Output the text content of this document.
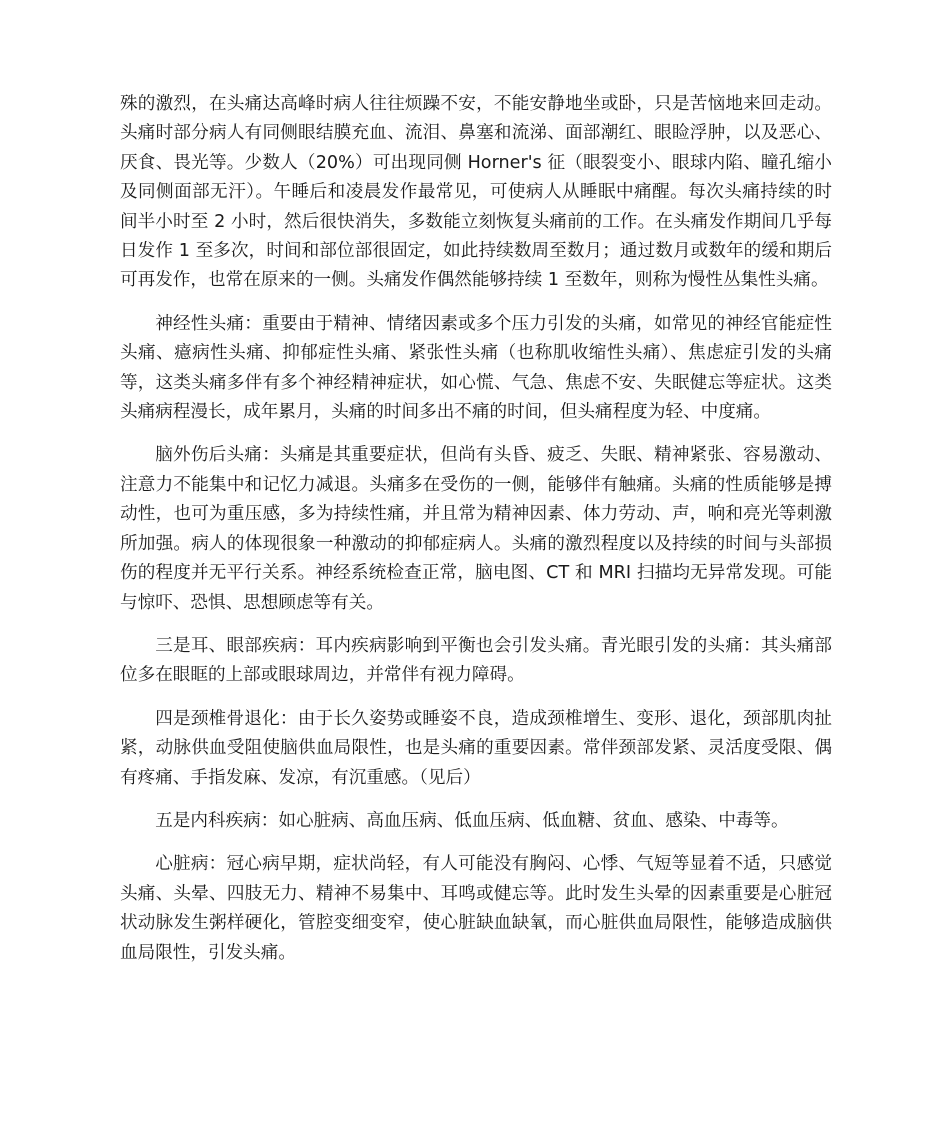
殊的激烈，在头痛达高峰时病人往往烦躁不安，不能安静地坐或卧，只是苦恼地来回走动。头痛时部分病人有同侧眼结膜充血、流泪、鼻塞和流涕、面部潮红、眼睑浮肿，以及恶心、厌食、畏光等。少数人（20%）可出现同侧 Horner's 征（眼裂变小、眼球内陷、瞳孔缩小及同侧面部无汗）。午睡后和凌晨发作最常见，可使病人从睡眠中痛醒。每次头痛持续的时间半小时至 2 小时，然后很快消失，多数能立刻恢复头痛前的工作。在头痛发作期间几乎每日发作 1 至多次，时间和部位部很固定，如此持续数周至数月；通过数月或数年的缓和期后可再发作，也常在原来的一侧。头痛发作偶然能够持续 1 至数年，则称为慢性丛集性头痛。

神经性头痛：重要由于精神、情绪因素或多个压力引发的头痛，如常见的神经官能症性头痛、癔病性头痛、抑郁症性头痛、紧张性头痛（也称肌收缩性头痛）、焦虑症引发的头痛等，这类头痛多伴有多个神经精神症状，如心慌、气急、焦虑不安、失眠健忘等症状。这类头痛病程漫长，成年累月，头痛的时间多出不痛的时间，但头痛程度为轻、中度痛。

脑外伤后头痛：头痛是其重要症状，但尚有头昏、疲乏、失眠、精神紧张、容易激动、注意力不能集中和记忆力减退。头痛多在受伤的一侧，能够伴有触痛。头痛的性质能够是搏动性，也可为重压感，多为持续性痛，并且常为精神因素、体力劳动、声，响和亮光等刺激所加强。病人的体现很象一种激动的抑郁症病人。头痛的激烈程度以及持续的时间与头部损伤的程度并无平行关系。神经系统检查正常，脑电图、CT 和 MRI 扫描均无异常发现。可能与惊吓、恐惧、思想顾虑等有关。

三是耳、眼部疾病：耳内疾病影响到平衡也会引发头痛。青光眼引发的头痛：其头痛部位多在眼眶的上部或眼球周边，并常伴有视力障碍。

四是颈椎骨退化：由于长久姿势或睡姿不良，造成颈椎增生、变形、退化，颈部肌肉扯紧，动脉供血受阻使脑供血局限性，也是头痛的重要因素。常伴颈部发紧、灵活度受限、偶有疼痛、手指发麻、发凉，有沉重感。（见后）

五是内科疾病：如心脏病、高血压病、低血压病、低血糖、贫血、感染、中毒等。

心脏病：冠心病早期，症状尚轻，有人可能没有胸闷、心悸、气短等显着不适，只感觉头痛、头晕、四肢无力、精神不易集中、耳鸣或健忘等。此时发生头晕的因素重要是心脏冠状动脉发生粥样硬化，管腔变细变窄，使心脏缺血缺氧，而心脏供血局限性，能够造成脑供血局限性，引发头痛。
